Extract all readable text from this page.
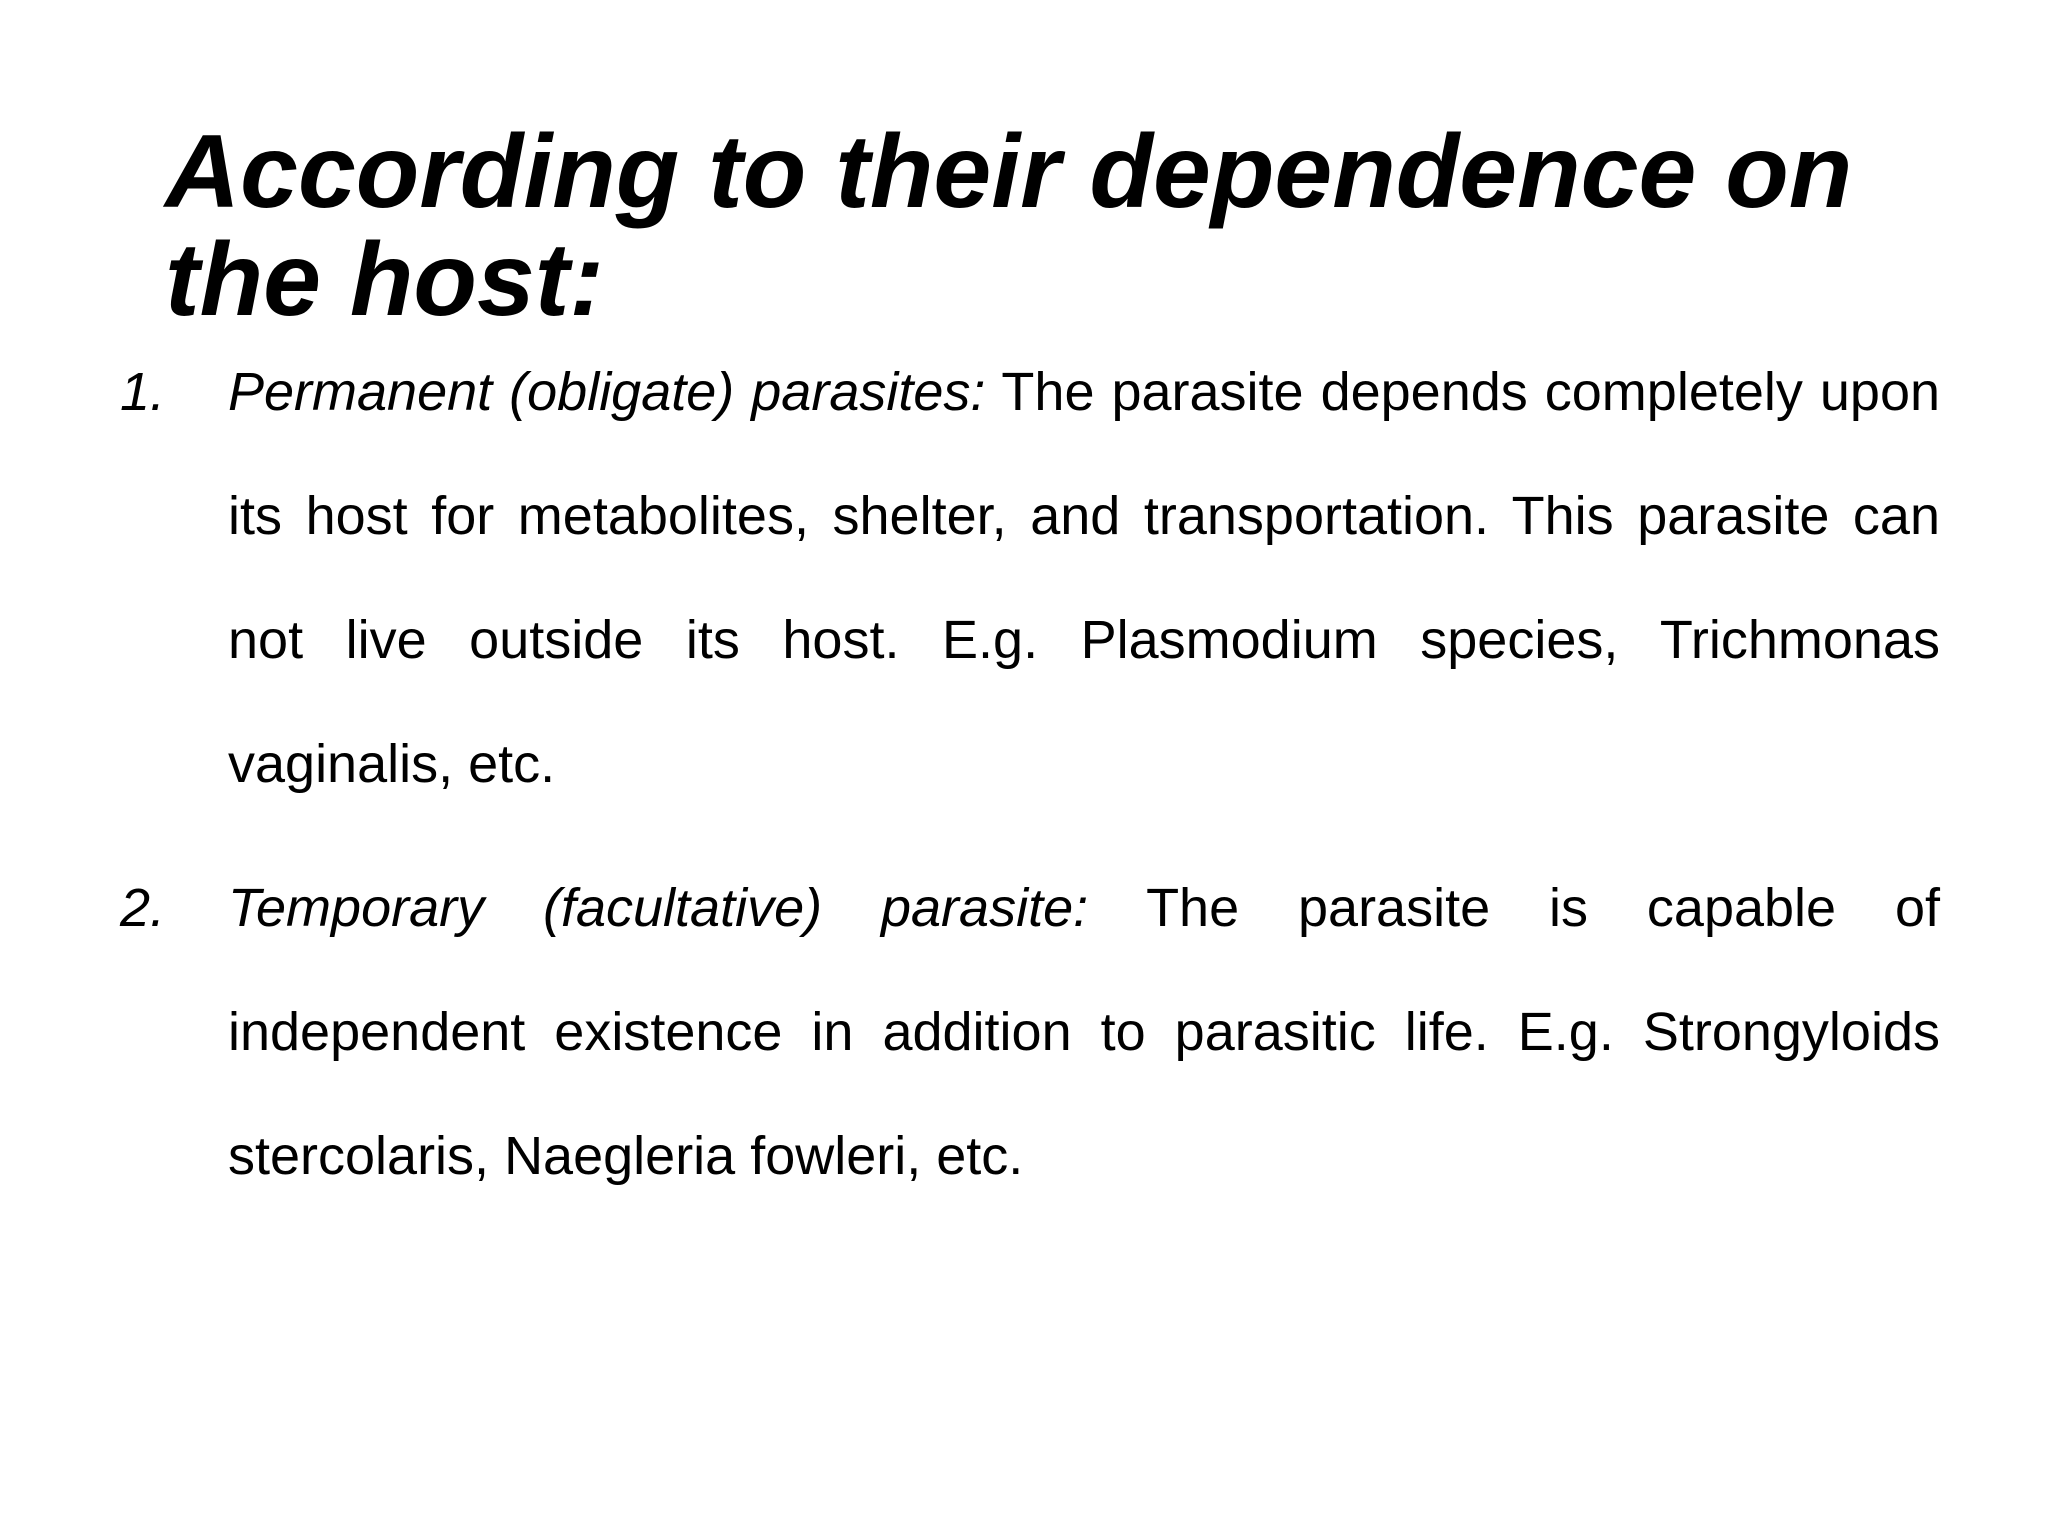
According to their dependence on the host:
1. Permanent (obligate) parasites: The parasite depends completely upon its host for metabolites, shelter, and transportation. This parasite can not live outside its host. E.g. Plasmodium species, Trichmonas vaginalis, etc.
2. Temporary (facultative) parasite: The parasite is capable of independent existence in addition to parasitic life. E.g. Strongyloids stercolaris, Naegleria fowleri, etc.
